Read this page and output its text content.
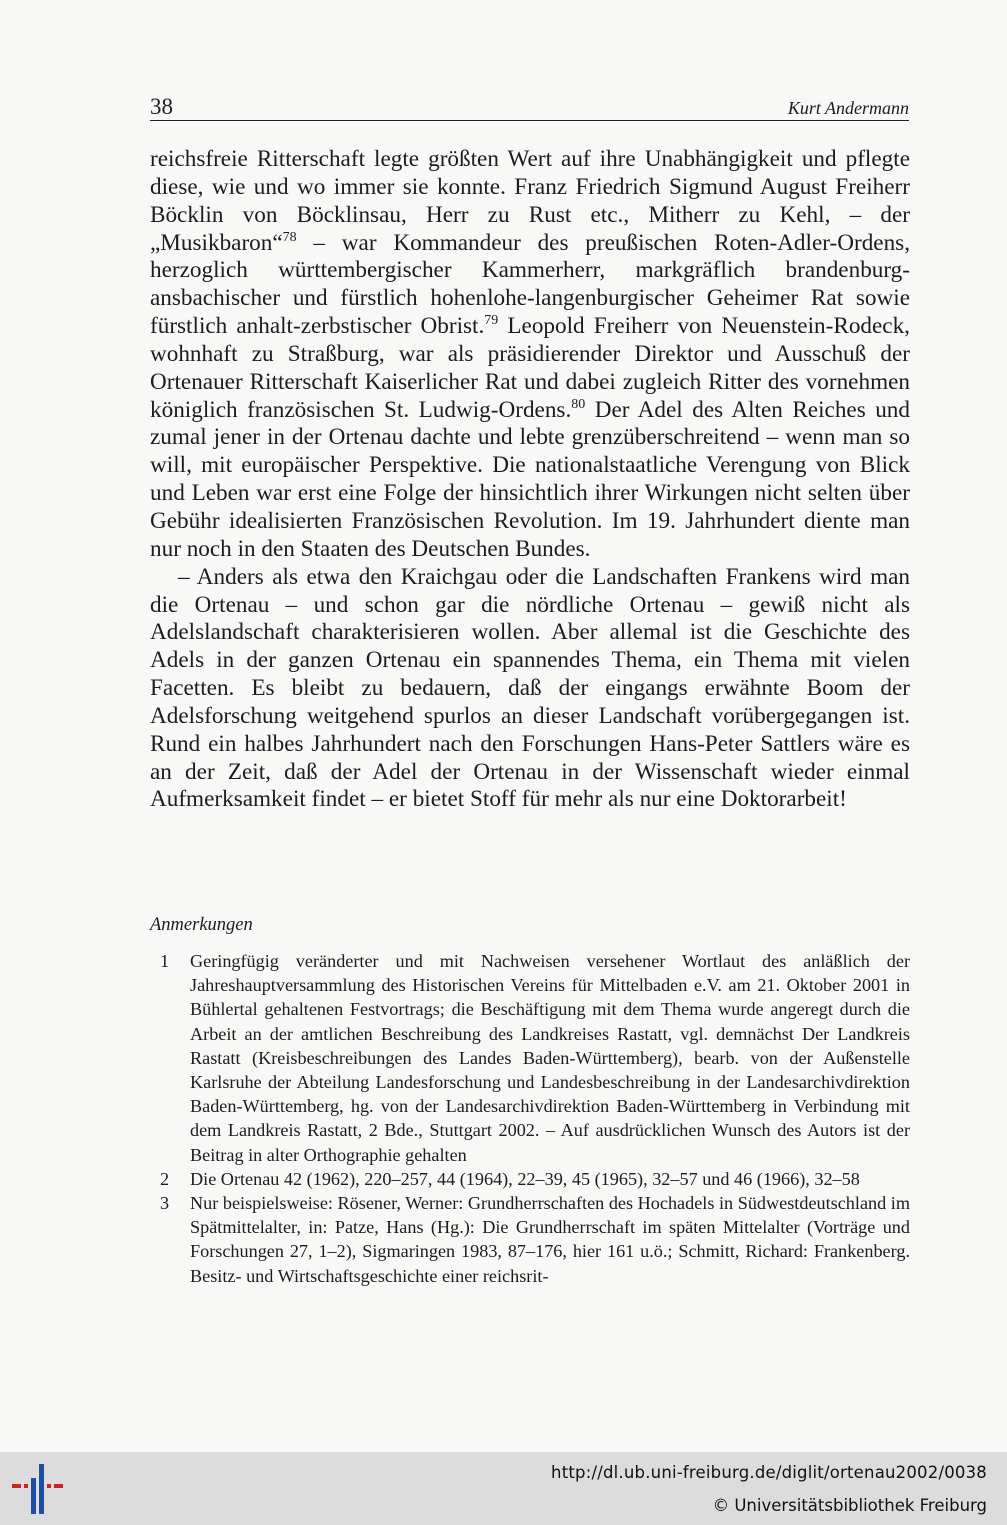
38	Kurt Andermann

reichsfreie Ritterschaft legte größten Wert auf ihre Unabhängigkeit und pflegte diese, wie und wo immer sie konnte. Franz Friedrich Sigmund August Freiherr Böcklin von Böcklinsau, Herr zu Rust etc., Mitherr zu Kehl, – der „Musikbaron“$^{78}$ – war Kommandeur des preußischen Roten-Adler-Ordens, herzoglich württembergischer Kammerherr, markgräflich brandenburg-ansbachischer und fürstlich hohenlohe-langenburgischer Geheimer Rat sowie fürstlich anhalt-zerbstischer Obrist.$^{79}$ Leopold Freiherr von Neuenstein-Rodeck, wohnhaft zu Straßburg, war als präsidierender Direktor und Ausschuß der Ortenauer Ritterschaft Kaiserlicher Rat und dabei zugleich Ritter des vornehmen königlich französischen St. Ludwig-Ordens.$^{80}$ Der Adel des Alten Reiches und zumal jener in der Ortenau dachte und lebte grenzüberschreitend – wenn man so will, mit europäischer Perspektive. Die nationalstaatliche Verengung von Blick und Leben war erst eine Folge der hinsichtlich ihrer Wirkungen nicht selten über Gebühr idealisierten Französischen Revolution. Im 19. Jahrhundert diente man nur noch in den Staaten des Deutschen Bundes.

– Anders als etwa den Kraichgau oder die Landschaften Frankens wird man die Ortenau – und schon gar die nördliche Ortenau – gewiß nicht als Adelslandschaft charakterisieren wollen. Aber allemal ist die Geschichte des Adels in der ganzen Ortenau ein spannendes Thema, ein Thema mit vielen Facetten. Es bleibt zu bedauern, daß der eingangs erwähnte Boom der Adelsforschung weitgehend spurlos an dieser Landschaft vorübergegangen ist. Rund ein halbes Jahrhundert nach den Forschungen Hans-Peter Sattlers wäre es an der Zeit, daß der Adel der Ortenau in der Wissenschaft wieder einmal Aufmerksamkeit findet – er bietet Stoff für mehr als nur eine Doktorarbeit!

Anmerkungen
1 Geringfügig veränderter und mit Nachweisen versehener Wortlaut des anläßlich der Jahreshauptversammlung des Historischen Vereins für Mittelbaden e.V. am 21. Oktober 2001 in Bühlertal gehaltenen Festvortrags; die Beschäftigung mit dem Thema wurde angeregt durch die Arbeit an der amtlichen Beschreibung des Landkreises Rastatt, vgl. demnächst Der Landkreis Rastatt (Kreisbeschreibungen des Landes Baden-Württemberg), bearb. von der Außenstelle Karlsruhe der Abteilung Landesforschung und Landesbeschreibung in der Landesarchivdirektion Baden-Württemberg, hg. von der Landesarchivdirektion Baden-Württemberg in Verbindung mit dem Landkreis Rastatt, 2 Bde., Stuttgart 2002. – Auf ausdrücklichen Wunsch des Autors ist der Beitrag in alter Orthographie gehalten
2 Die Ortenau 42 (1962), 220–257, 44 (1964), 22–39, 45 (1965), 32–57 und 46 (1966), 32–58
3 Nur beispielsweise: Rösener, Werner: Grundherrschaften des Hochadels in Südwestdeutschland im Spätmittelalter, in: Patze, Hans (Hg.): Die Grundherrschaft im späten Mittelalter (Vorträge und Forschungen 27, 1–2), Sigmaringen 1983, 87–176, hier 161 u.ö.; Schmitt, Richard: Frankenberg. Besitz- und Wirtschaftsgeschichte einer reichsrit-
http://dl.ub.uni-freiburg.de/diglit/ortenau2002/0038
© Universitätsbibliothek Freiburg
